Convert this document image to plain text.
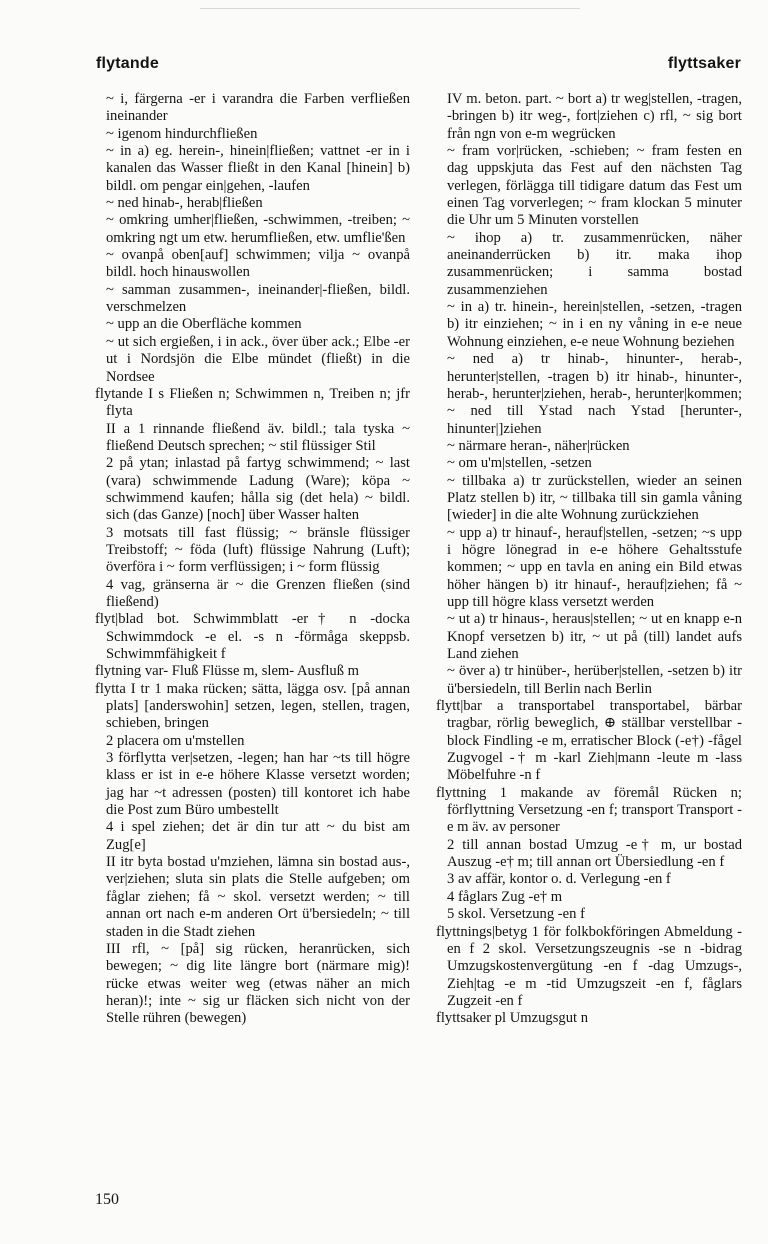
flytande	flyttsaker

~ i, färgerna -er i varandra die Farben verfließen ineinander

~ igenom hindurchfließen

~ in a) eg. herein-, hinein|fließen; vattnet -er in i kanalen das Wasser fließt in den Kanal [hinein] b) bildl. om pengar ein|gehen, -laufen

~ ned hinab-, herab|fließen

~ omkring umher|fließen, -schwimmen, -treiben; ~ omkring ngt um etw. herumfließen, etw. umflie'ßen

~ ovanpå oben[auf] schwimmen; vilja ~ ovanpå bildl. hoch hinauswollen

~ samman zusammen-, ineinander|-fließen, bildl. verschmelzen

~ upp an die Oberfläche kommen

~ ut sich ergießen, i in ack., över über ack.; Elbe -er ut i Nordsjön die Elbe mündet (fließt) in die Nordsee

flytande I s Fließen n; Schwimmen n, Treiben n; jfr flyta

II a 1 rinnande fließend äv. bildl.; tala tyska ~ fließend Deutsch sprechen; ~ stil flüssiger Stil

2 på ytan; inlastad på fartyg schwimmend; ~ last (vara) schwimmende Ladung (Ware); köpa ~ schwimmend kaufen; hålla sig (det hela) ~ bildl. sich (das Ganze) [noch] über Wasser halten

3 motsats till fast flüssig; ~ bränsle flüssiger Treibstoff; ~ föda (luft) flüssige Nahrung (Luft); överföra i ~ form verflüssigen; i ~ form flüssig

4 vag, gränserna är ~ die Grenzen fließen (sind fließend)

flyt|blad bot. Schwimmblatt -er† n -docka Schwimmdock -e el. -s n -förmåga skeppsb. Schwimmfähigkeit f

flytning var- Fluß Flüsse m, slem- Ausfluß m

flytta I tr 1 maka rücken; sätta, lägga osv. [på annan plats] [anderswohin] setzen, legen, stellen, tragen, schieben, bringen

2 placera om u'mstellen

3 förflytta ver|setzen, -legen; han har ~ts till högre klass er ist in e-e höhere Klasse versetzt worden; jag har ~t adressen (posten) till kontoret ich habe die Post zum Büro umbestellt

4 i spel ziehen; det är din tur att ~ du bist am Zug[e]

II itr byta bostad u'mziehen, lämna sin bostad aus-, ver|ziehen; sluta sin plats die Stelle aufgeben; om fåglar ziehen; få ~ skol. versetzt werden; ~ till annan ort nach e-m anderen Ort ü'bersiedeln; ~ till staden in die Stadt ziehen

III rfl, ~ [på] sig rücken, heranrücken, sich bewegen; ~ dig lite längre bort (närmare mig)! rücke etwas weiter weg (etwas näher an mich heran)!; inte ~ sig ur fläcken sich nicht von der Stelle rühren (bewegen)

IV m. beton. part. ~ bort a) tr weg|stellen, -tragen, -bringen b) itr weg-, fort|ziehen c) rfl, ~ sig bort från ngn von e-m wegrücken

~ fram vor|rücken, -schieben; ~ fram festen en dag uppskjuta das Fest auf den nächsten Tag verlegen, förlägga till tidigare datum das Fest um einen Tag vorverlegen; ~ fram klockan 5 minuter die Uhr um 5 Minuten vorstellen

~ ihop a) tr. zusammenrücken, näher aneinanderrücken b) itr. maka ihop zusammenrücken; i samma bostad zusammenziehen

~ in a) tr. hinein-, herein|stellen, -setzen, -tragen b) itr einziehen; ~ in i en ny våning in e-e neue Wohnung einziehen, e-e neue Wohnung beziehen

~ ned a) tr hinab-, hinunter-, herab-, herunter|stellen, -tragen b) itr hinab-, hinunter-, herab-, herunter|ziehen, herab-, herunter|kommen; ~ ned till Ystad nach Ystad [herunter-, hinunter|]ziehen

~ närmare heran-, näher|rücken

~ om u'm|stellen, -setzen

~ tillbaka a) tr zurückstellen, wieder an seinen Platz stellen b) itr, ~ tillbaka till sin gamla våning [wieder] in die alte Wohnung zurückziehen

~ upp a) tr hinauf-, herauf|stellen, -setzen; ~s upp i högre lönegrad in e-e höhere Gehaltsstufe kommen; ~ upp en tavla en aning ein Bild etwas höher hängen b) itr hinauf-, herauf|ziehen; få ~ upp till högre klass versetzt werden

~ ut a) tr hinaus-, heraus|stellen; ~ ut en knapp e-n Knopf versetzen b) itr, ~ ut på (till) landet aufs Land ziehen

~ över a) tr hinüber-, herüber|stellen, -setzen b) itr ü'bersiedeln, till Berlin nach Berlin

flytt|bar a transportabel transportabel, bärbar tragbar, rörlig beweglich, ⊕ ställbar verstellbar -block Findling -e m, erratischer Block (-e†) -fågel Zugvogel -† m -karl Zieh|mann -leute m -lass Möbelfuhre -n f

flyttning 1 makande av föremål Rücken n; förflyttning Versetzung -en f; transport Transport -e m äv. av personer

2 till annan bostad Umzug -e† m, ur bostad Auszug -e† m; till annan ort Übersiedlung -en f

3 av affär, kontor o. d. Verlegung -en f

4 fåglars Zug -e† m

5 skol. Versetzung -en f

flyttnings|betyg 1 för folkbokföringen Abmeldung -en f 2 skol. Versetzungszeugnis -se n -bidrag Umzugskostenvergütung -en f -dag Umzugs-, Zieh|tag -e m -tid Umzugszeit -en f, fåglars Zugzeit -en f

flyttsaker pl Umzugsgut n

150
